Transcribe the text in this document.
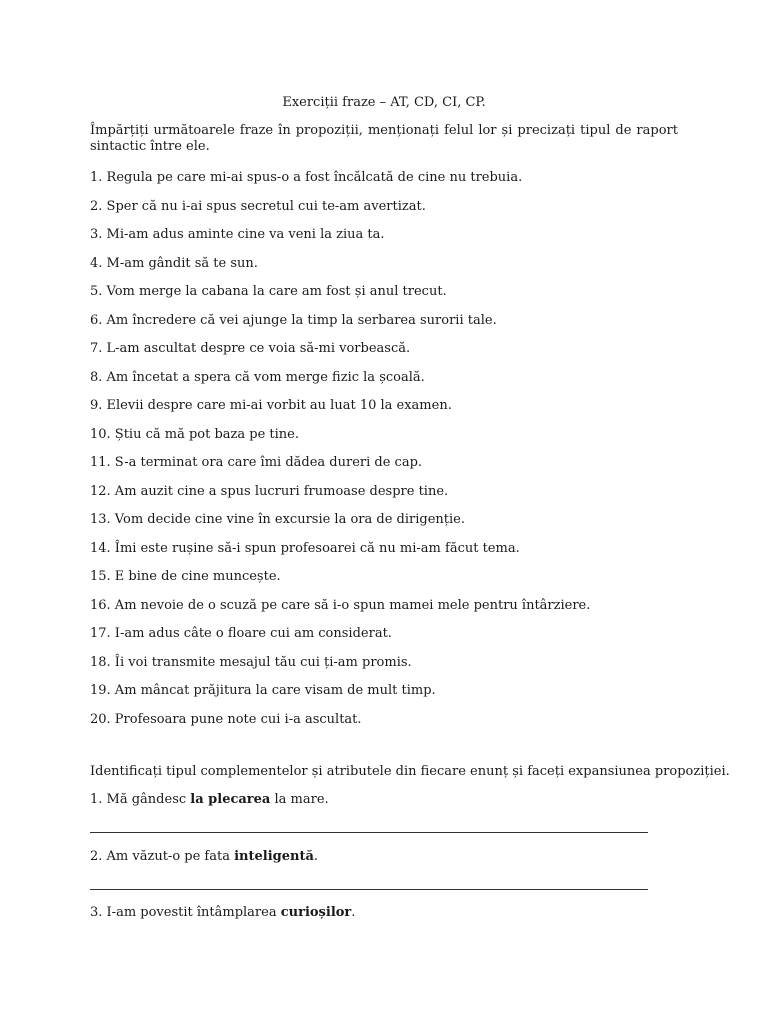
Exerciții fraze – AT, CD, CI, CP.

Împărțiți următoarele fraze în propoziții, menționați felul lor și precizați tipul de raport sintactic între ele.

1. Regula pe care mi-ai spus-o a fost încălcată de cine nu trebuia.
2. Sper că nu i-ai spus secretul cui te-am avertizat.
3. Mi-am adus aminte cine va veni la ziua ta.
4. M-am gândit să te sun.
5. Vom merge la cabana la care am fost și anul trecut.
6. Am încredere că vei ajunge la timp la serbarea surorii tale.
7. L-am ascultat despre ce voia să-mi vorbească.
8. Am încetat a spera că vom merge fizic la școală.
9. Elevii despre care mi-ai vorbit au luat 10 la examen.
10. Știu că mă pot baza pe tine.
11. S-a terminat ora care îmi dădea dureri de cap.
12. Am auzit cine a spus lucruri frumoase despre tine.
13. Vom decide cine vine în excursie la ora de dirigenție.
14. Îmi este rușine să-i spun profesoarei că nu mi-am făcut tema.
15. E bine de cine muncește.
16. Am nevoie de o scuză pe care să i-o spun mamei mele pentru întârziere.
17. I-am adus câte o floare cui am considerat.
18. Îi voi transmite mesajul tău cui ți-am promis.
19. Am mâncat prăjitura la care visam de mult timp.
20. Profesoara pune note cui i-a ascultat.
Identificați tipul complementelor și atributele din fiecare enunț și faceți expansiunea propoziției.
1. Mă gândesc la plecarea la mare.
2. Am văzut-o pe fata inteligentă.
3. I-am povestit întâmplarea curioșilor.
